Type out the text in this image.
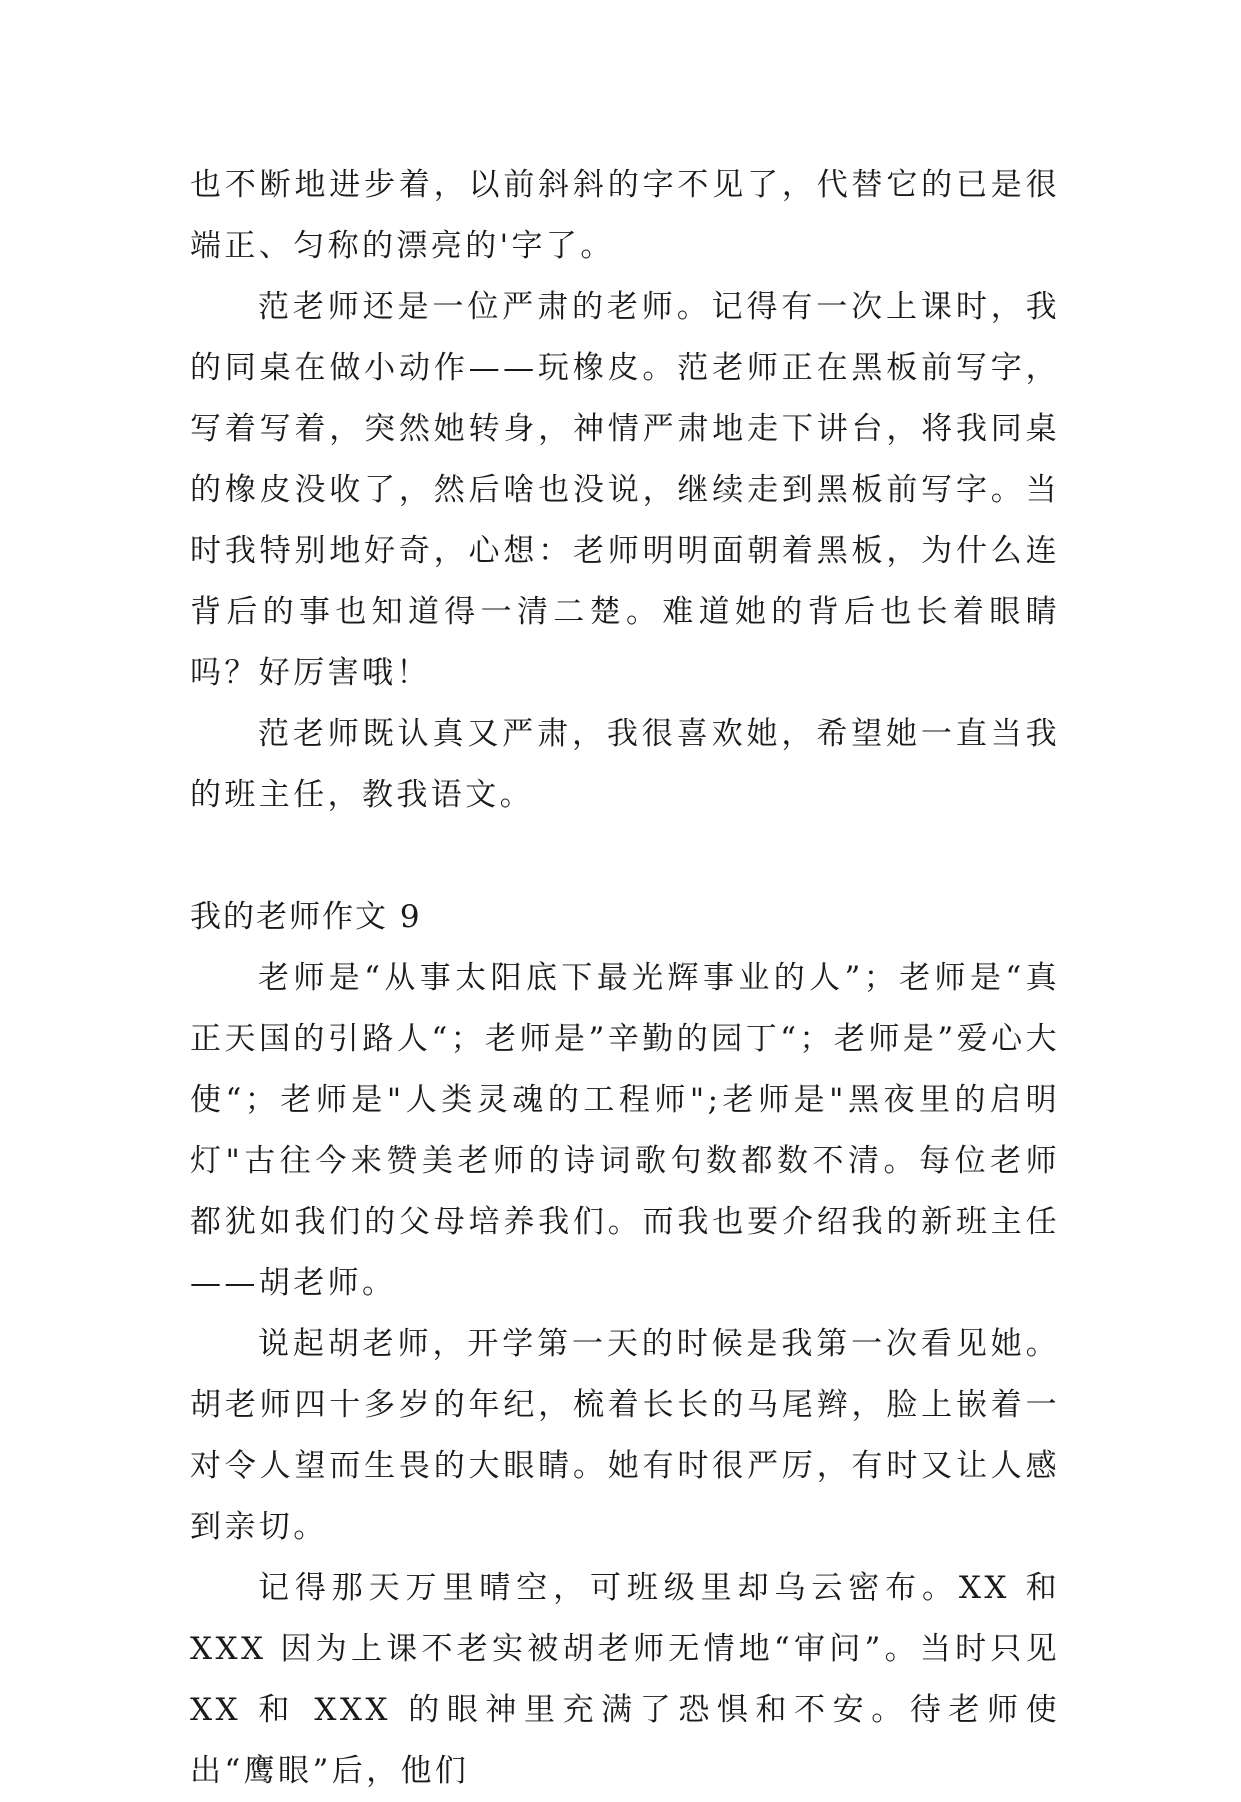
也不断地进步着，以前斜斜的字不见了，代替它的已是很端正、匀称的漂亮的'字了。

范老师还是一位严肃的老师。记得有一次上课时，我的同桌在做小动作——玩橡皮。范老师正在黑板前写字，写着写着，突然她转身，神情严肃地走下讲台，将我同桌的橡皮没收了，然后啥也没说，继续走到黑板前写字。当时我特别地好奇，心想：老师明明面朝着黑板，为什么连背后的事也知道得一清二楚。难道她的背后也长着眼睛吗？好厉害哦！

范老师既认真又严肃，我很喜欢她，希望她一直当我的班主任，教我语文。

我的老师作文 9

老师是“从事太阳底下最光辉事业的人”；老师是“真正天国的引路人“；老师是”辛勤的园丁“；老师是”爱心大使“；老师是"人类灵魂的工程师";老师是"黑夜里的启明灯"古往今来赞美老师的诗词歌句数都数不清。每位老师都犹如我们的父母培养我们。而我也要介绍我的新班主任——胡老师。

说起胡老师，开学第一天的时候是我第一次看见她。胡老师四十多岁的年纪，梳着长长的马尾辫，脸上嵌着一对令人望而生畏的大眼睛。她有时很严厉，有时又让人感到亲切。

记得那天万里晴空，可班级里却乌云密布。XX 和 XXX 因为上课不老实被胡老师无情地“审问”。当时只见 XX 和 XXX 的眼神里充满了恐惧和不安。待老师使出“鹰眼”后，他们
